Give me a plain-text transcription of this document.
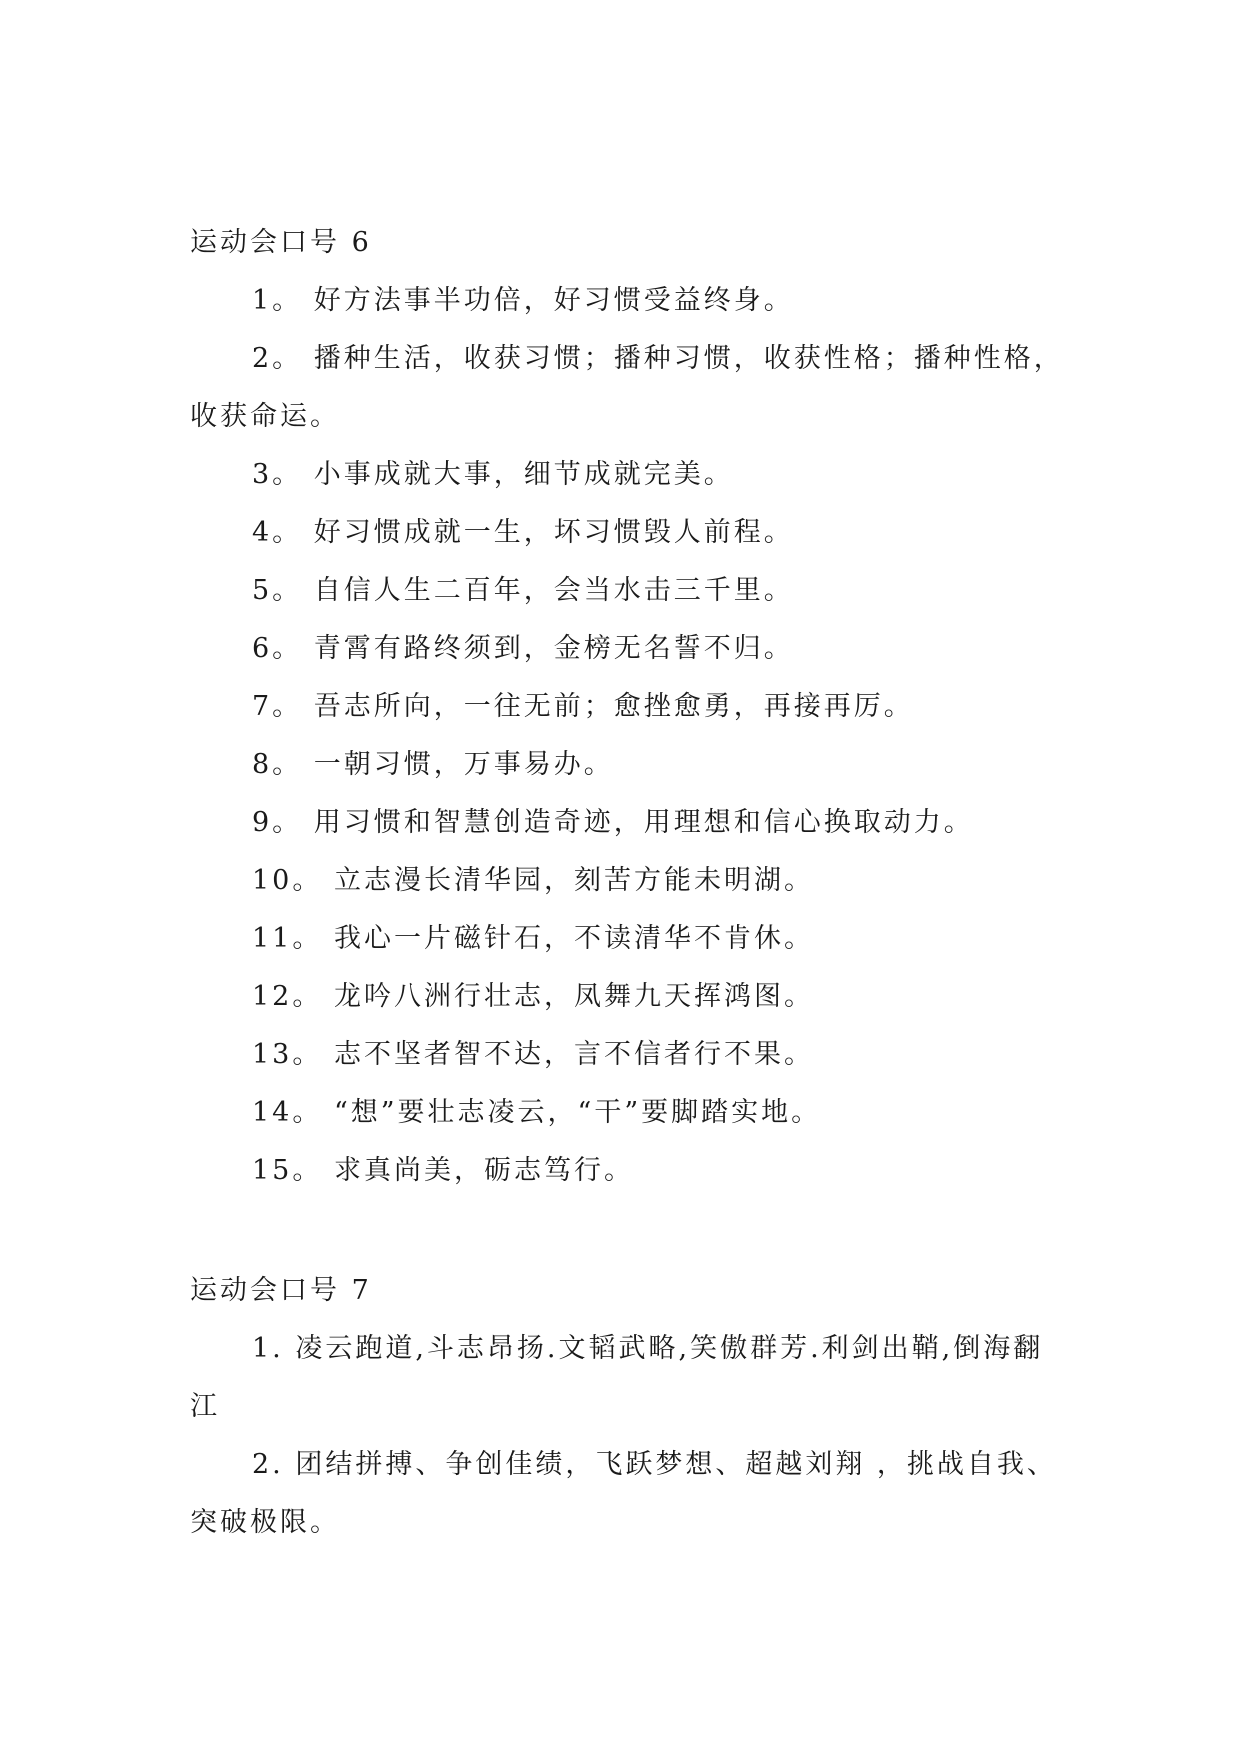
运动会口号 6

1。 好方法事半功倍，好习惯受益终身。

2。 播种生活，收获习惯；播种习惯，收获性格；播种性格，收获命运。

3。 小事成就大事，细节成就完美。

4。 好习惯成就一生，坏习惯毁人前程。

5。 自信人生二百年，会当水击三千里。

6。 青霄有路终须到，金榜无名誓不归。

7。 吾志所向，一往无前；愈挫愈勇，再接再厉。

8。 一朝习惯，万事易办。

9。 用习惯和智慧创造奇迹，用理想和信心换取动力。

10。 立志漫长清华园，刻苦方能未明湖。

11。 我心一片磁针石，不读清华不肯休。

12。 龙吟八洲行壮志，凤舞九天挥鸿图。

13。 志不坚者智不达，言不信者行不果。

14。 “想”要壮志凌云，“干”要脚踏实地。

15。 求真尚美，砺志笃行。

运动会口号 7

1. 凌云跑道,斗志昂扬.文韬武略,笑傲群芳.利剑出鞘,倒海翻江

2. 团结拼搏、争创佳绩，飞跃梦想、超越刘翔 ，挑战自我、突破极限。
